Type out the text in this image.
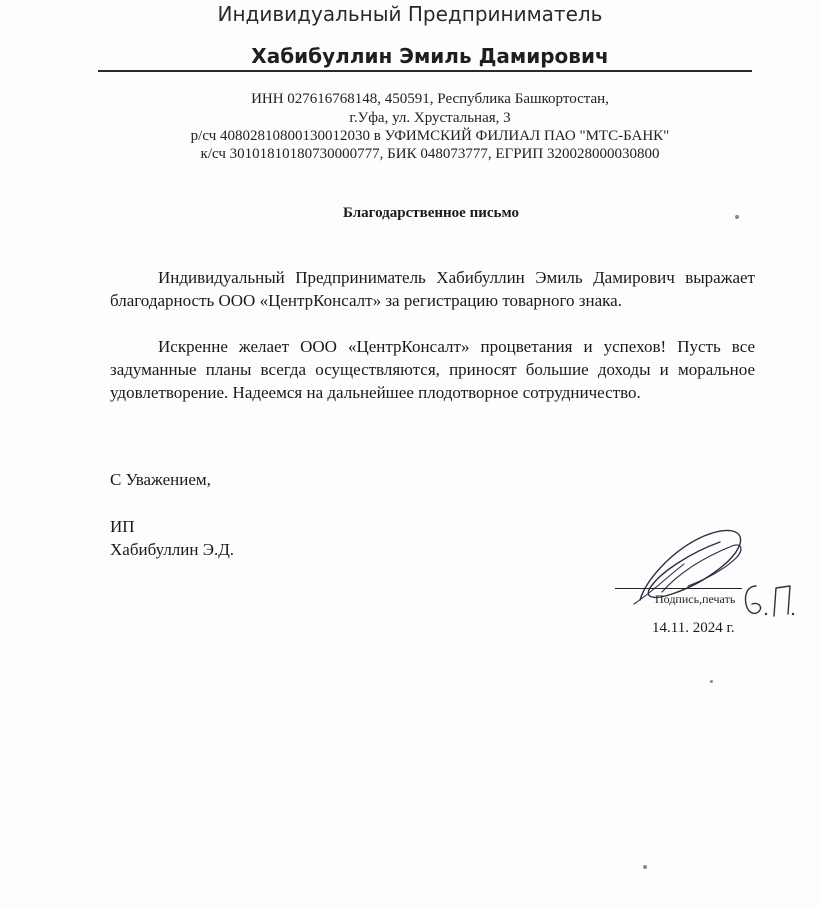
Индивидуальный Предприниматель
Хабибуллин Эмиль Дамирович
ИНН 027616768148, 450591, Республика Башкортостан,
г.Уфа, ул. Хрустальная, 3
р/сч 40802810800130012030 в УФИМСКИЙ ФИЛИАЛ ПАО "МТС-БАНК"
к/сч 30101810180730000777, БИК 048073777, ЕГРИП 320028000030800
Благодарственное письмо
Индивидуальный Предприниматель Хабибуллин Эмиль Дамирович выражает благодарность ООО «ЦентрКонсалт» за регистрацию товарного знака.
Искренне желает ООО «ЦентрКонсалт» процветания и успехов! Пусть все задуманные планы всегда осуществляются, приносят большие доходы и моральное удовлетворение. Надеемся на дальнейшее плодотворное сотрудничество.
С Уважением,
ИП
Хабибуллин Э.Д.
Подпись,печать
14.11. 2024 г.
